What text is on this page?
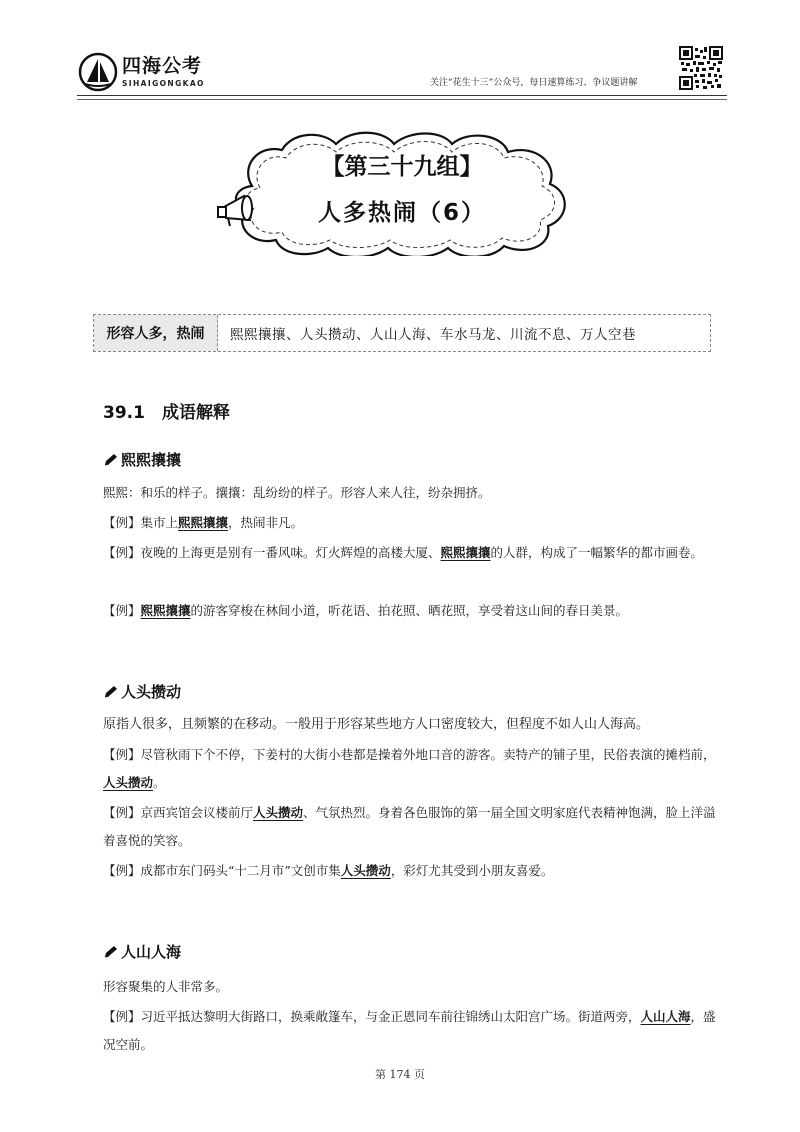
四海公考
SIHAIGONGKAO	关注“花生十三”公众号，每日速算练习、争议题讲解
【第三十九组】
人多热闹（6）
形容人多，热闹	熙熙攘攘、人头攒动、人山人海、车水马龙、川流不息、万人空巷
39.1　成语解释
熙熙攘攘
熙熙：和乐的样子。攘攘：乱纷纷的样子。形容人来人往，纷杂拥挤。
【例】集市上熙熙攘攘，热闹非凡。
【例】夜晚的上海更是别有一番风味。灯火辉煌的高楼大厦、熙熙攘攘的人群，构成了一幅繁华的都市画卷。
【例】熙熙攘攘的游客穿梭在林间小道，听花语、拍花照、晒花照，享受着这山间的春日美景。
人头攒动
原指人很多，且频繁的在移动。一般用于形容某些地方人口密度较大，但程度不如人山人海高。
【例】尽管秋雨下个不停，下姜村的大街小巷都是操着外地口音的游客。卖特产的铺子里，民俗表演的摊档前，人头攒动。
【例】京西宾馆会议楼前厅人头攒动、气氛热烈。身着各色服饰的第一届全国文明家庭代表精神饱满，脸上洋溢着喜悦的笑容。
【例】成都市东门码头“十二月市”文创市集人头攒动，彩灯尤其受到小朋友喜爱。
人山人海
形容聚集的人非常多。
【例】习近平抵达黎明大街路口，换乘敞篷车，与金正恩同车前往锦绣山太阳宫广场。街道两旁，人山人海，盛况空前。
第 174 页
